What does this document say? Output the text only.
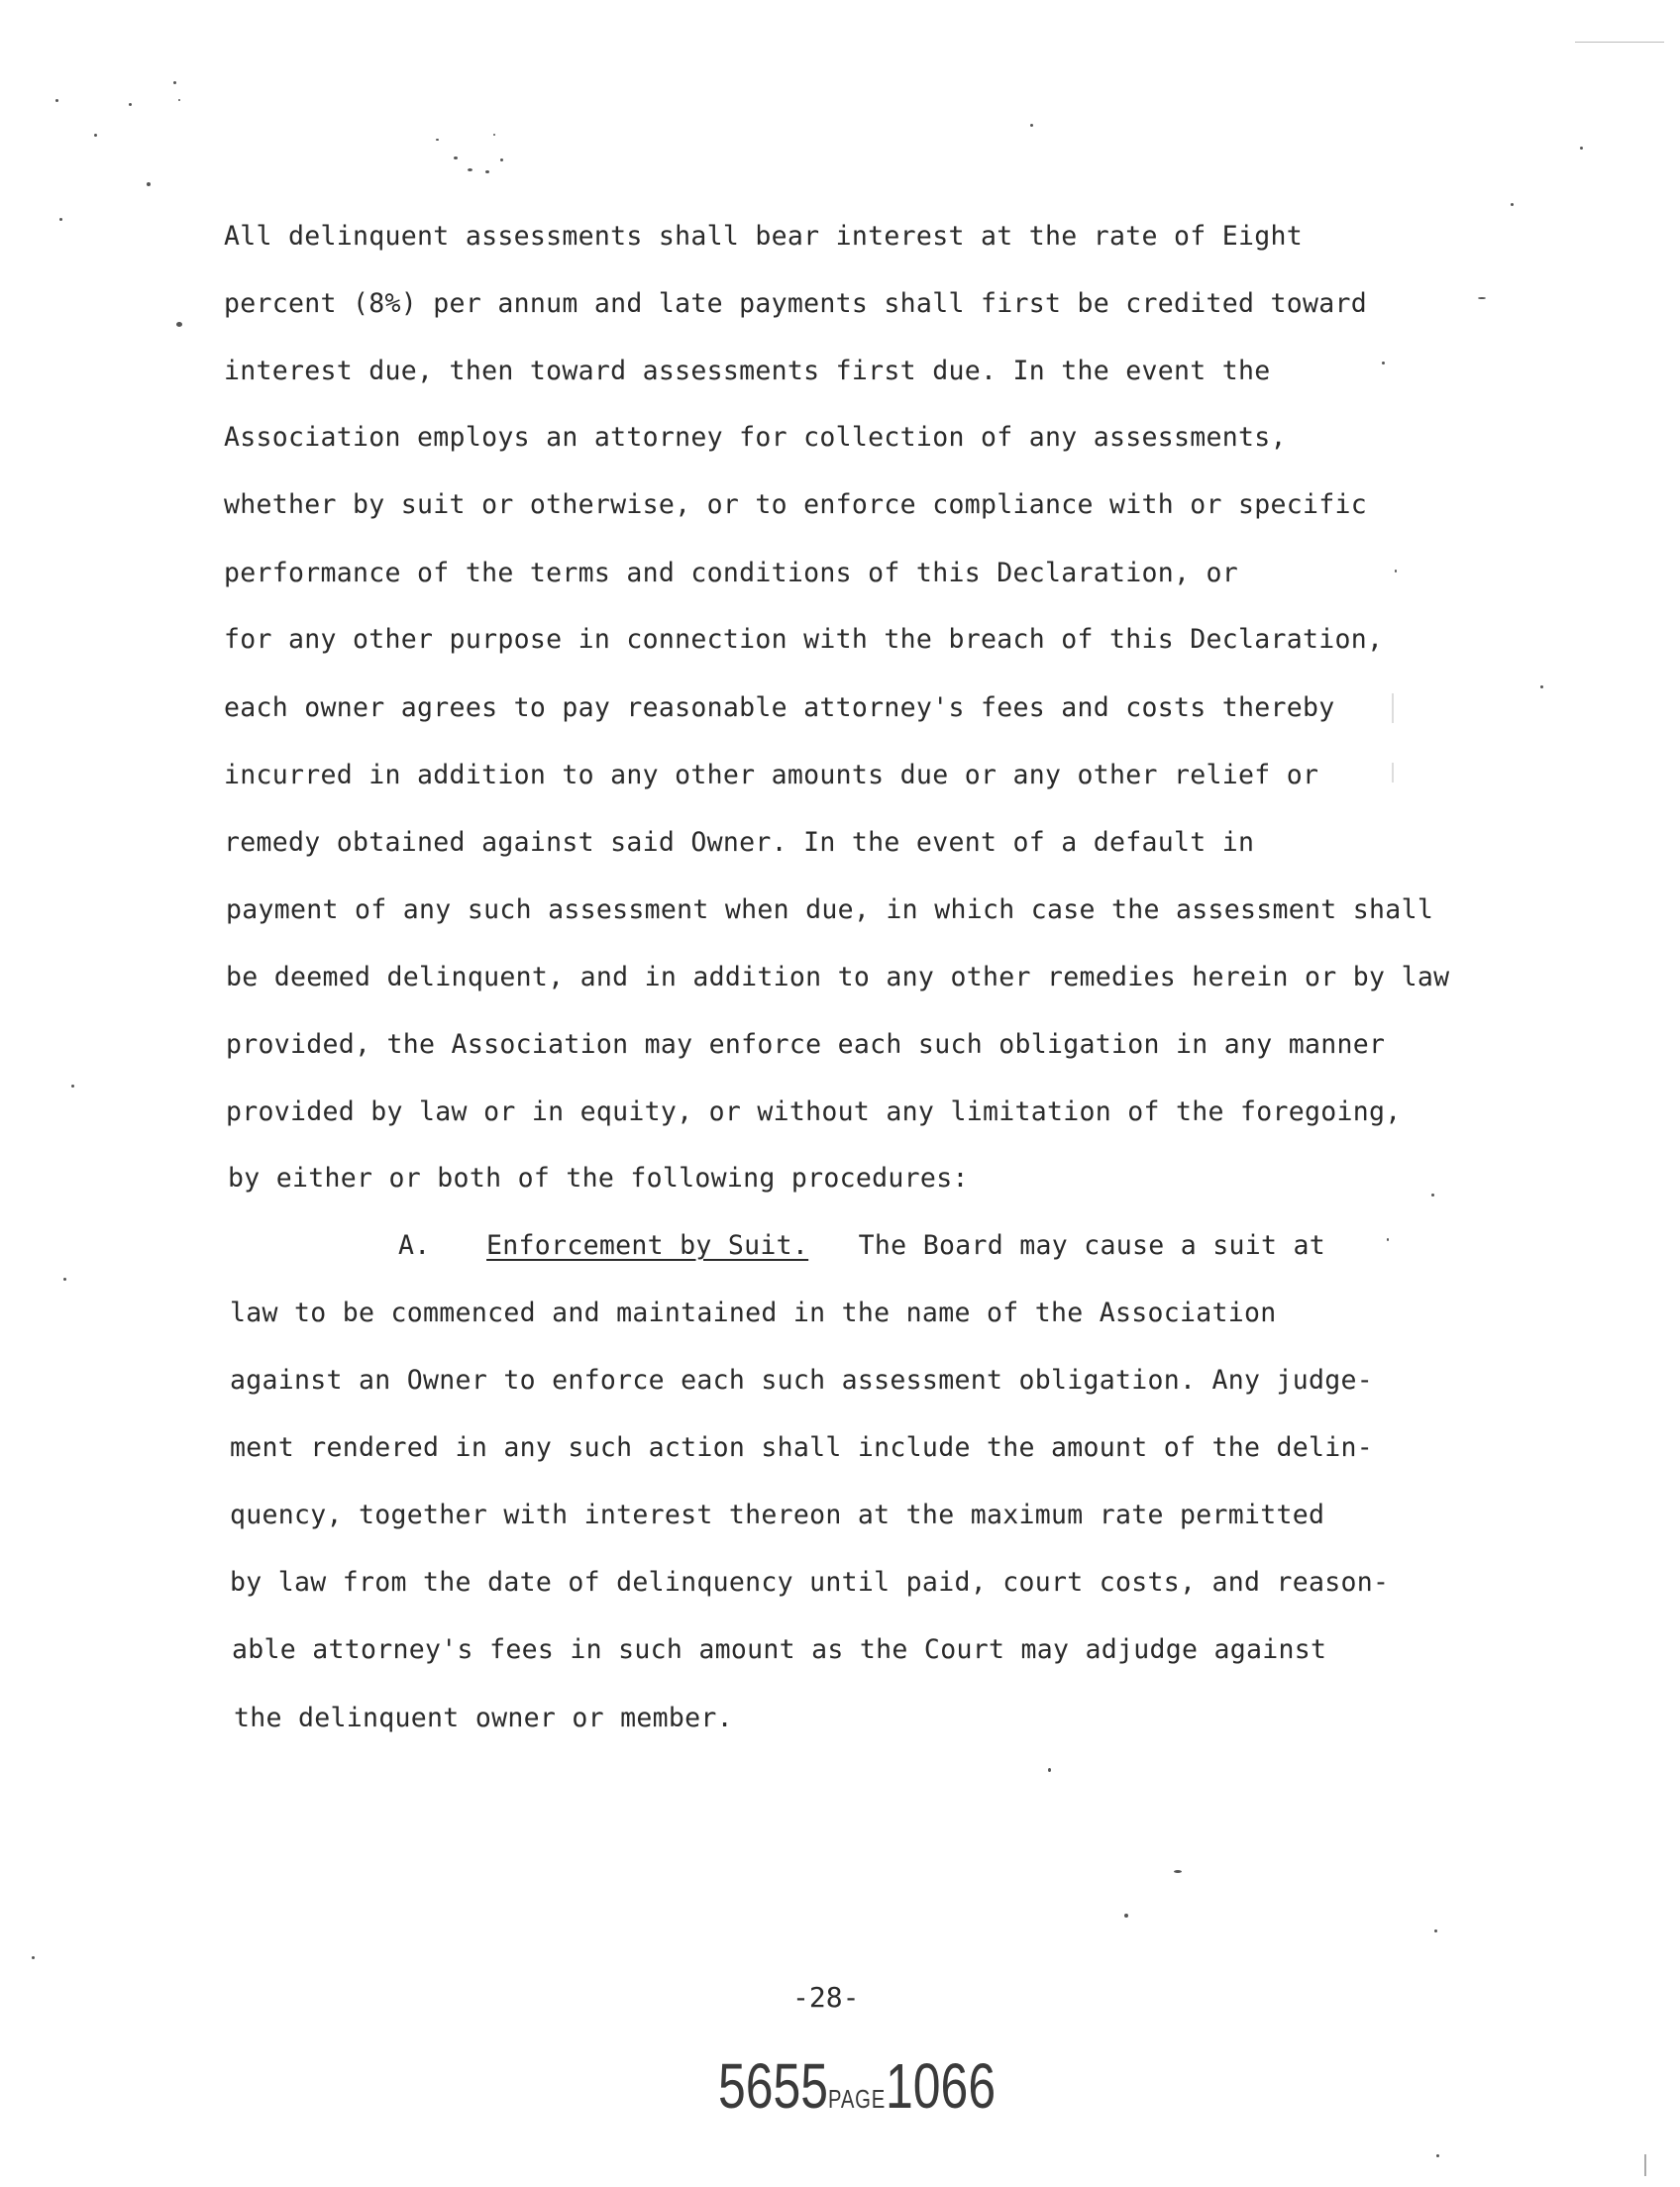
All delinquent assessments shall bear interest at the rate of Eight
percent (8%) per annum and late payments shall first be credited toward
interest due, then toward assessments first due. In the event the
Association employs an attorney for collection of any assessments,
whether by suit or otherwise, or to enforce compliance with or specific
performance of the terms and conditions of this Declaration, or
for any other purpose in connection with the breach of this Declaration,
each owner agrees to pay reasonable attorney's fees and costs thereby
incurred in addition to any other amounts due or any other relief or
remedy obtained against said Owner. In the event of a default in
payment of any such assessment when due, in which case the assessment shall
be deemed delinquent, and in addition to any other remedies herein or by law
provided, the Association may enforce each such obligation in any manner
provided by law or in equity, or without any limitation of the foregoing,
by either or both of the following procedures:
A. Enforcement by Suit. The Board may cause a suit at
law to be commenced and maintained in the name of the Association
against an Owner to enforce each such assessment obligation. Any judge-
ment rendered in any such action shall include the amount of the delin-
quency, together with interest thereon at the maximum rate permitted
by law from the date of delinquency until paid, court costs, and reason-
able attorney's fees in such amount as the Court may adjudge against
the delinquent owner or member.
-28-
5655PAGE1066
